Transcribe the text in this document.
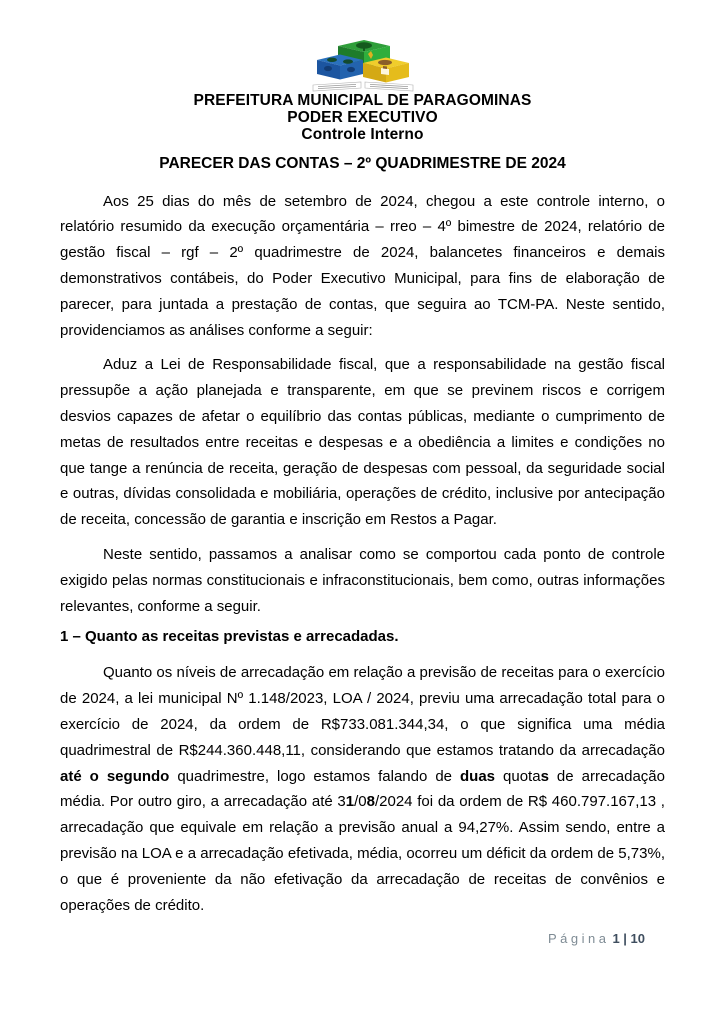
PREFEITURA MUNICIPAL DE PARAGOMINAS
PODER EXECUTIVO
Controle Interno
PARECER DAS CONTAS – 2º QUADRIMESTRE DE 2024

Aos 25 dias do mês de setembro de 2024, chegou a este controle interno, o relatório resumido da execução orçamentária – rreo – 4º bimestre de 2024, relatório de gestão fiscal – rgf – 2º quadrimestre de 2024, balancetes financeiros e demais demonstrativos contábeis, do Poder Executivo Municipal, para fins de elaboração de parecer, para juntada a prestação de contas, que seguira ao TCM-PA. Neste sentido, providenciamos as análises conforme a seguir:

Aduz a Lei de Responsabilidade fiscal, que a responsabilidade na gestão fiscal pressupõe a ação planejada e transparente, em que se previnem riscos e corrigem desvios capazes de afetar o equilíbrio das contas públicas, mediante o cumprimento de metas de resultados entre receitas e despesas e a obediência a limites e condições no que tange a renúncia de receita, geração de despesas com pessoal, da seguridade social e outras, dívidas consolidada e mobiliária, operações de crédito, inclusive por antecipação de receita, concessão de garantia e inscrição em Restos a Pagar.

Neste sentido, passamos a analisar como se comportou cada ponto de controle exigido pelas normas constitucionais e infraconstitucionais, bem como, outras informações relevantes, conforme a seguir.

1 – Quanto as receitas previstas e arrecadadas.

Quanto os níveis de arrecadação em relação a previsão de receitas para o exercício de 2024, a lei municipal Nº 1.148/2023, LOA / 2024, previu uma arrecadação total para o exercício de 2024, da ordem de R$733.081.344,34, o que significa uma média quadrimestral de R$244.360.448,11, considerando que estamos tratando da arrecadação até o segundo quadrimestre, logo estamos falando de duas quotas de arrecadação média. Por outro giro, a arrecadação até 31/08/2024 foi da ordem de R$ 460.797.167,13 , arrecadação que equivale em relação a previsão anual a 94,27%. Assim sendo, entre a previsão na LOA e a arrecadação efetivada, média, ocorreu um déficit da ordem de 5,73%, o que é proveniente da não efetivação da arrecadação de receitas de convênios e operações de crédito.

Página 1 | 10
